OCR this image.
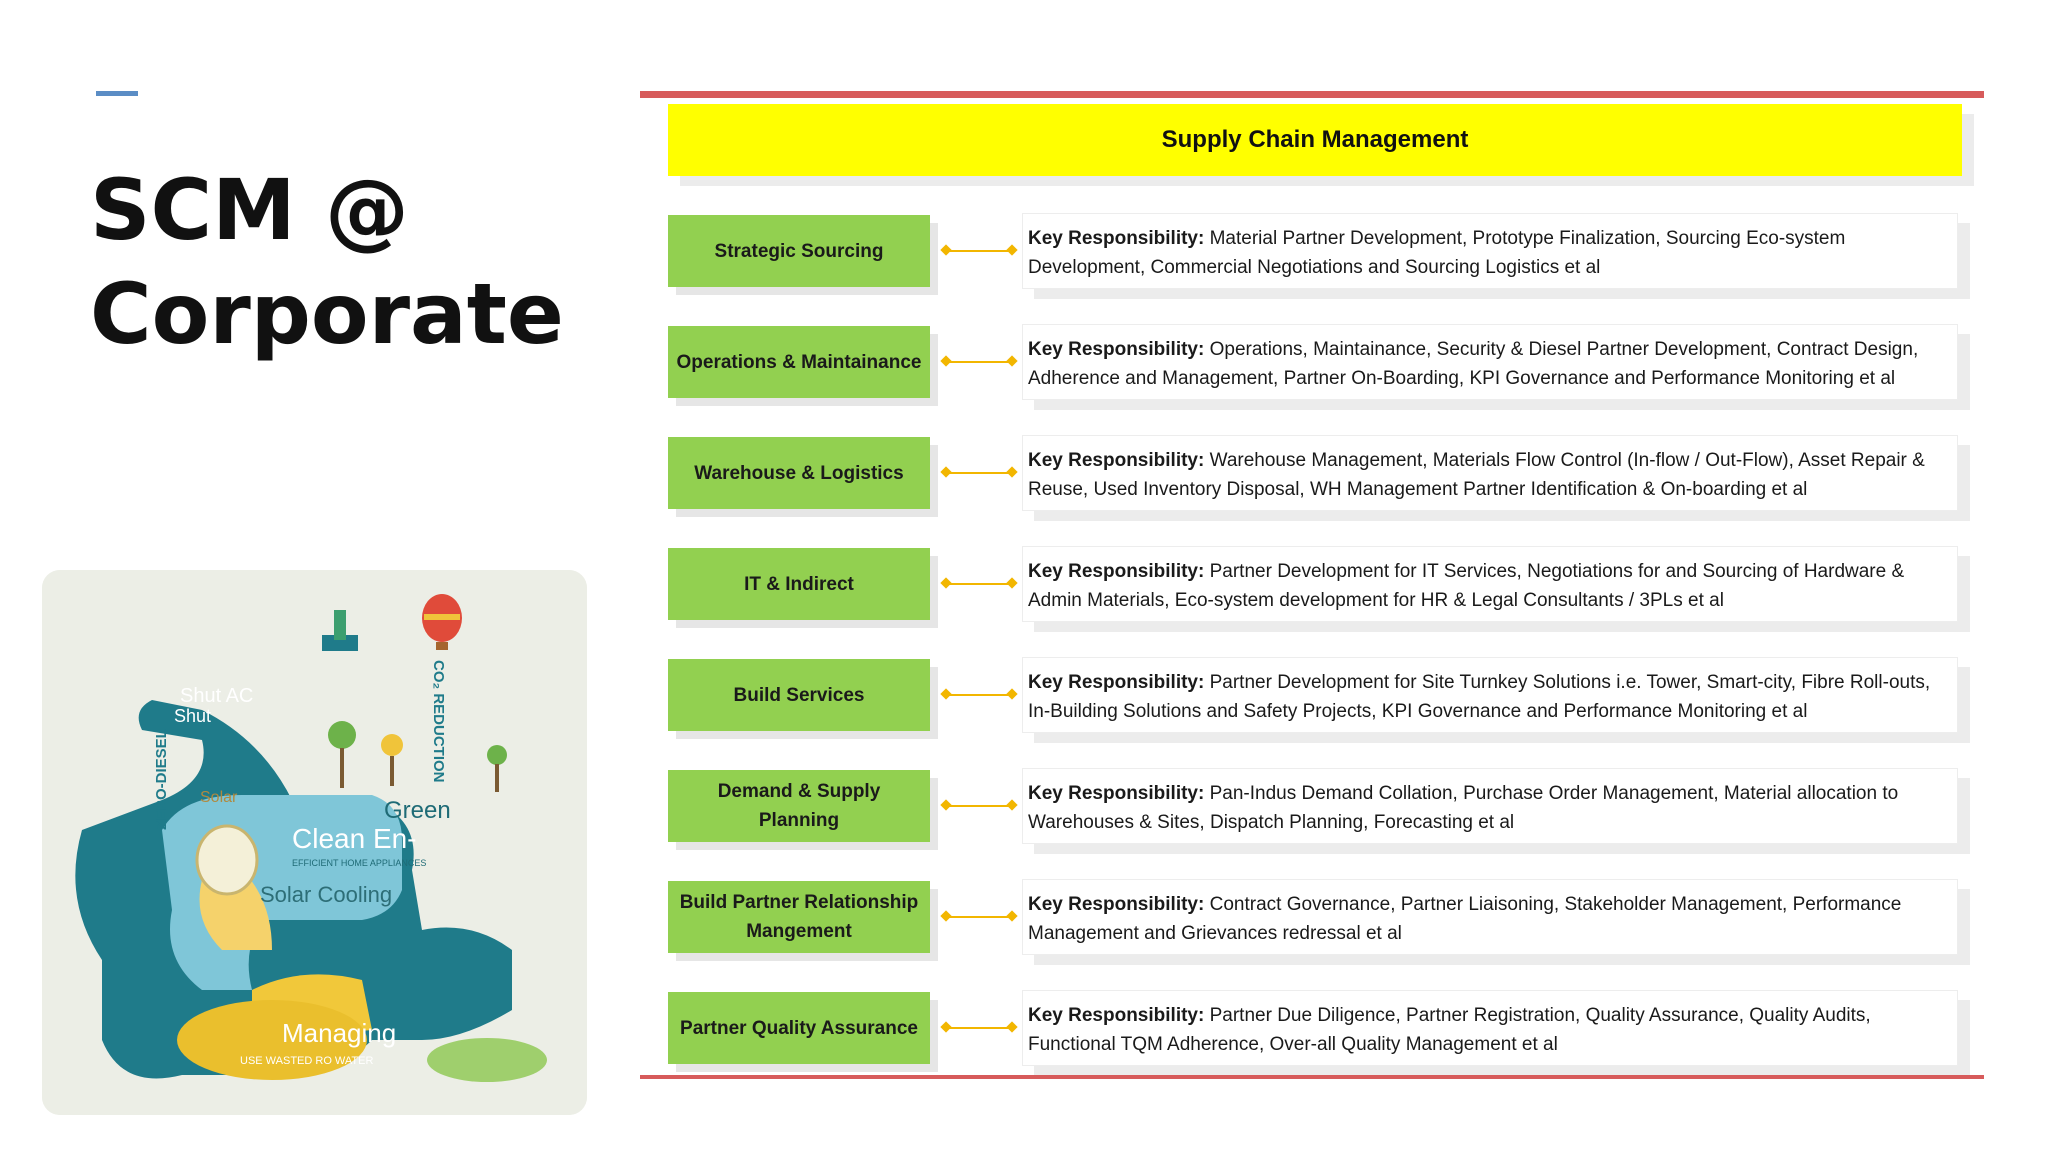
SCM @
Corporate
Shut AC
Shut
Solar
ZERO-DIESEL	CO₂ REDUCTION
Green
Clean En-
EFFICIENT HOME APPLIANCES
Solar Cooling
Managing
USE WASTED RO WATER
Supply Chain Management
Strategic Sourcing
Key Responsibility: Material Partner Development, Prototype Finalization, Sourcing Eco-system Development, Commercial Negotiations and Sourcing Logistics et al
Operations & Maintainance
Key Responsibility: Operations, Maintainance, Security & Diesel Partner Development, Contract Design, Adherence and Management, Partner On-Boarding, KPI Governance and Performance Monitoring et al
Warehouse & Logistics
Key Responsibility: Warehouse Management, Materials Flow Control (In-flow / Out-Flow), Asset Repair & Reuse, Used Inventory Disposal, WH Management Partner Identification & On-boarding et al
IT & Indirect
Key Responsibility: Partner Development for IT Services, Negotiations for and Sourcing of Hardware & Admin Materials, Eco-system development for HR & Legal Consultants / 3PLs et al
Build Services
Key Responsibility: Partner Development for Site Turnkey Solutions i.e. Tower, Smart-city, Fibre Roll-outs, In-Building Solutions and Safety Projects, KPI Governance and Performance Monitoring et al
Demand & Supply Planning
Key Responsibility: Pan-Indus Demand Collation, Purchase Order Management, Material allocation to Warehouses & Sites, Dispatch Planning, Forecasting et al
Build Partner Relationship Mangement
Key Responsibility: Contract Governance, Partner Liaisoning, Stakeholder Management, Performance Management and Grievances redressal et al
Partner Quality Assurance
Key Responsibility: Partner Due Diligence, Partner Registration, Quality Assurance, Quality Audits, Functional TQM Adherence, Over-all Quality Management et al
